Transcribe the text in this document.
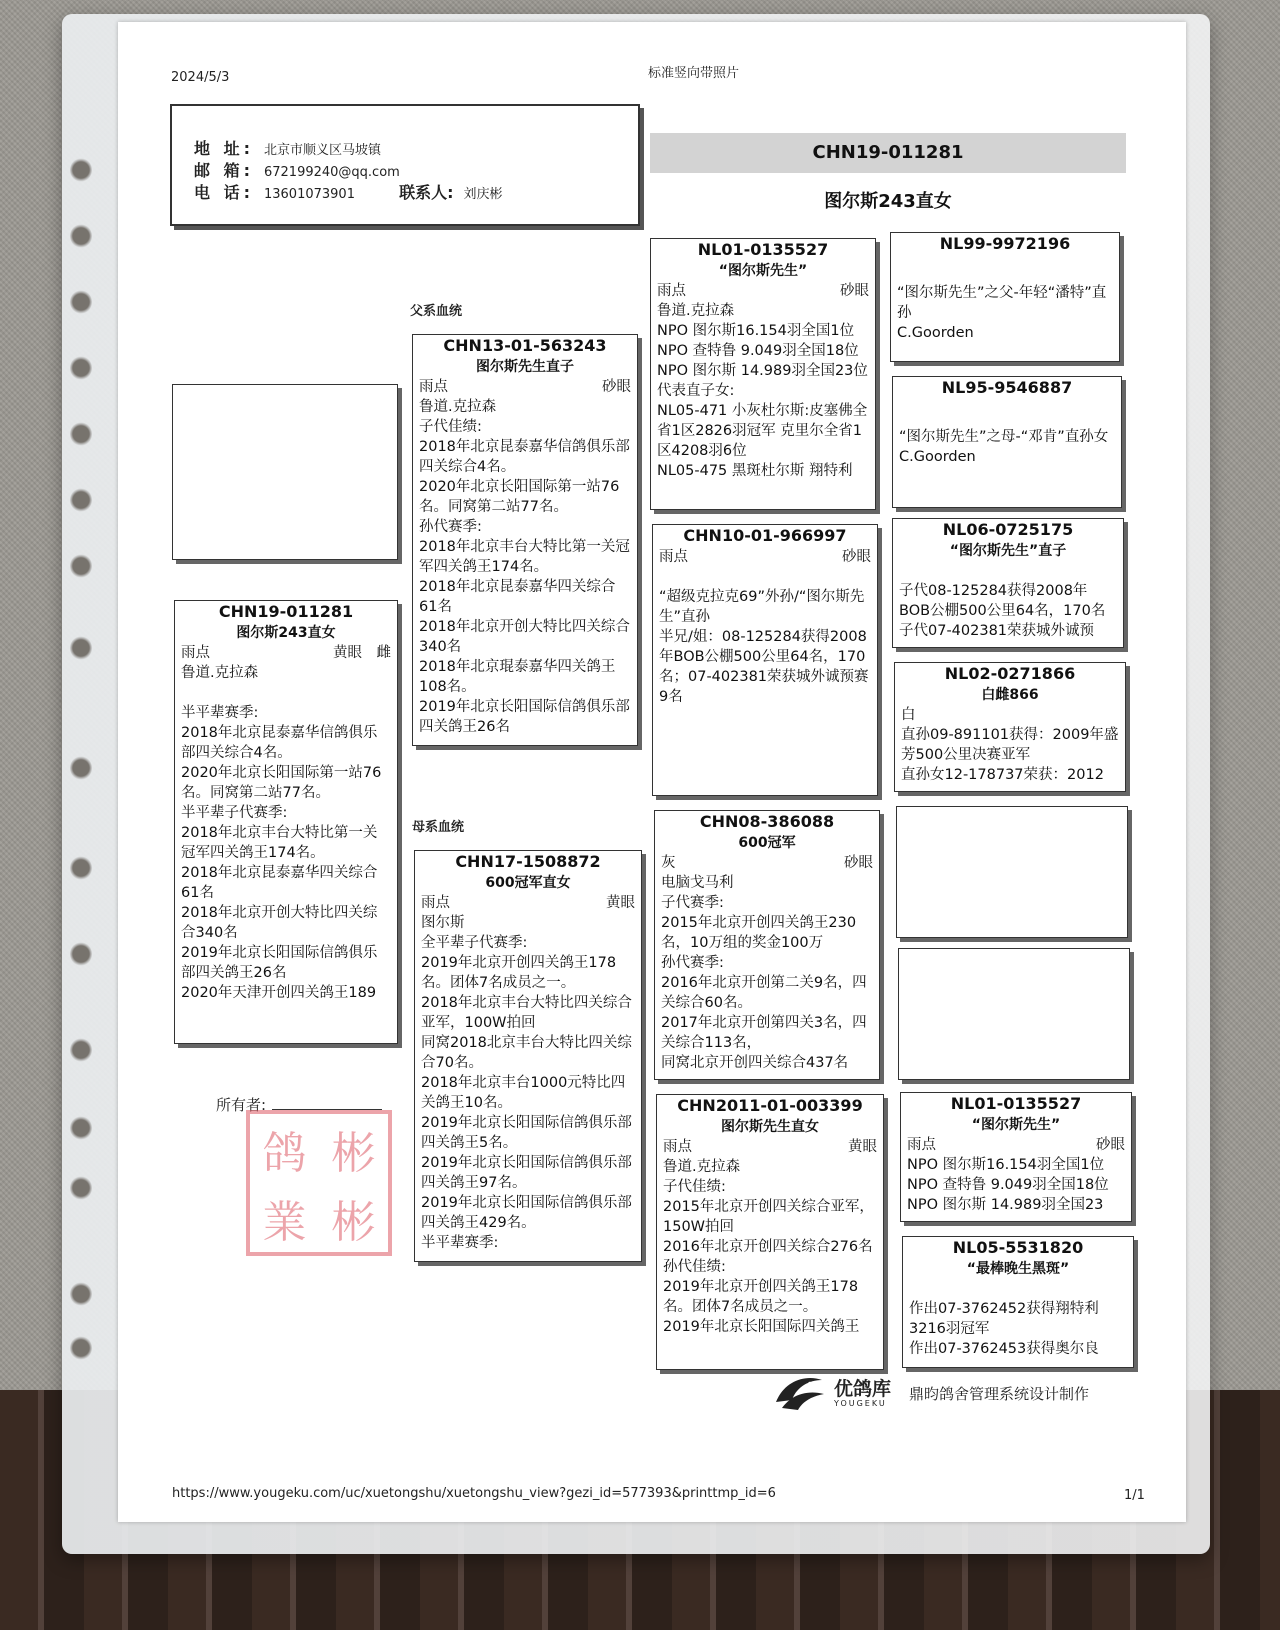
2024/5/3	标准竖向带照片
地 址: 北京市顺义区马坡镇
邮 箱: 672199240@qq.com
电 话: 13601073901	联系人: 刘庆彬
CHN19-011281
图尔斯243直女
父系血统
母系血统
CHN19-011281
图尔斯243直女
雨点	黄眼　雌
鲁道.克拉森

半平辈赛季:
2018年北京昆泰嘉华信鸽俱乐部四关综合4名。
2020年北京长阳国际第一站76名。同窝第二站77名。
半平辈子代赛季:
2018年北京丰台大特比第一关冠军四关鸽王174名。
2018年北京昆泰嘉华四关综合61名
2018年北京开创大特比四关综合340名
2019年北京长阳国际信鸽俱乐部四关鸽王26名
2020年天津开创四关鸽王189
CHN13-01-563243
图尔斯先生直子
雨点	砂眼
鲁道.克拉森
子代佳绩:
2018年北京昆泰嘉华信鸽俱乐部四关综合4名。
2020年北京长阳国际第一站76名。同窝第二站77名。
孙代赛季:
2018年北京丰台大特比第一关冠军四关鸽王174名。
2018年北京昆泰嘉华四关综合61名
2018年北京开创大特比四关综合340名
2018年北京琨泰嘉华四关鸽王108名。
2019年北京长阳国际信鸽俱乐部四关鸽王26名
CHN17-1508872
600冠军直女
雨点	黄眼
图尔斯
全平辈子代赛季:
2019年北京开创四关鸽王178名。团体7名成员之一。
2018年北京丰台大特比四关综合亚军，100W拍回
同窝2018北京丰台大特比四关综合70名。
2018年北京丰台1000元特比四关鸽王10名。
2019年北京长阳国际信鸽俱乐部四关鸽王5名。
2019年北京长阳国际信鸽俱乐部四关鸽王97名。
2019年北京长阳国际信鸽俱乐部四关鸽王429名。
半平辈赛季:
NL01-0135527
“图尔斯先生”
雨点	砂眼
鲁道.克拉森
NPO 图尔斯16.154羽全国1位
NPO 查特鲁 9.049羽全国18位
NPO 图尔斯 14.989羽全国23位
代表直子女:
NL05-471 小灰杜尔斯:皮塞佛全省1区2826羽冠军 克里尔全省1区4208羽6位
NL05-475 黑斑杜尔斯 翔特利
CHN10-01-966997
雨点	砂眼

“超级克拉克69”外孙/“图尔斯先生”直孙
半兄/姐：08-125284获得2008年BOB公棚500公里64名，170名；07-402381荣获城外诚预赛9名
CHN08-386088
600冠军
灰	砂眼
电脑戈马利
子代赛季:
2015年北京开创四关鸽王230名，10万组的奖金100万
孙代赛季:
2016年北京开创第二关9名，四关综合60名。
2017年北京开创第四关3名，四关综合113名，
同窝北京开创四关综合437名
CHN2011-01-003399
图尔斯先生直女
雨点	黄眼
鲁道.克拉森
子代佳绩:
2015年北京开创四关综合亚军，150W拍回
2016年北京开创四关综合276名
孙代佳绩:
2019年北京开创四关鸽王178名。团体7名成员之一。
2019年北京长阳国际四关鸽王
NL99-9972196

“图尔斯先生”之父-年轻“潘特”直孙
C.Goorden
NL95-9546887

“图尔斯先生”之母-“邓肯”直孙女
C.Goorden
NL06-0725175
“图尔斯先生”直子

子代08-125284获得2008年BOB公棚500公里64名，170名
子代07-402381荣获城外诚预
NL02-0271866
白雌866
白
直孙09-891101获得：2009年盛芳500公里决赛亚军
直孙女12-178737荣获：2012
NL01-0135527
“图尔斯先生”
雨点	砂眼
NPO 图尔斯16.154羽全国1位
NPO 查特鲁 9.049羽全国18位
NPO 图尔斯 14.989羽全国23
NL05-5531820
“最棒晚生黑斑”

作出07-3762452获得翔特利3216羽冠军
作出07-3762453获得奥尔良
所有者:
鸽 彬
業 彬
优鸽库
YOUGEKU
鼎昀鸽舍管理系统设计制作
https://www.yougeku.com/uc/xuetongshu/xuetongshu_view?gezi_id=577393&printtmp_id=6	1/1
